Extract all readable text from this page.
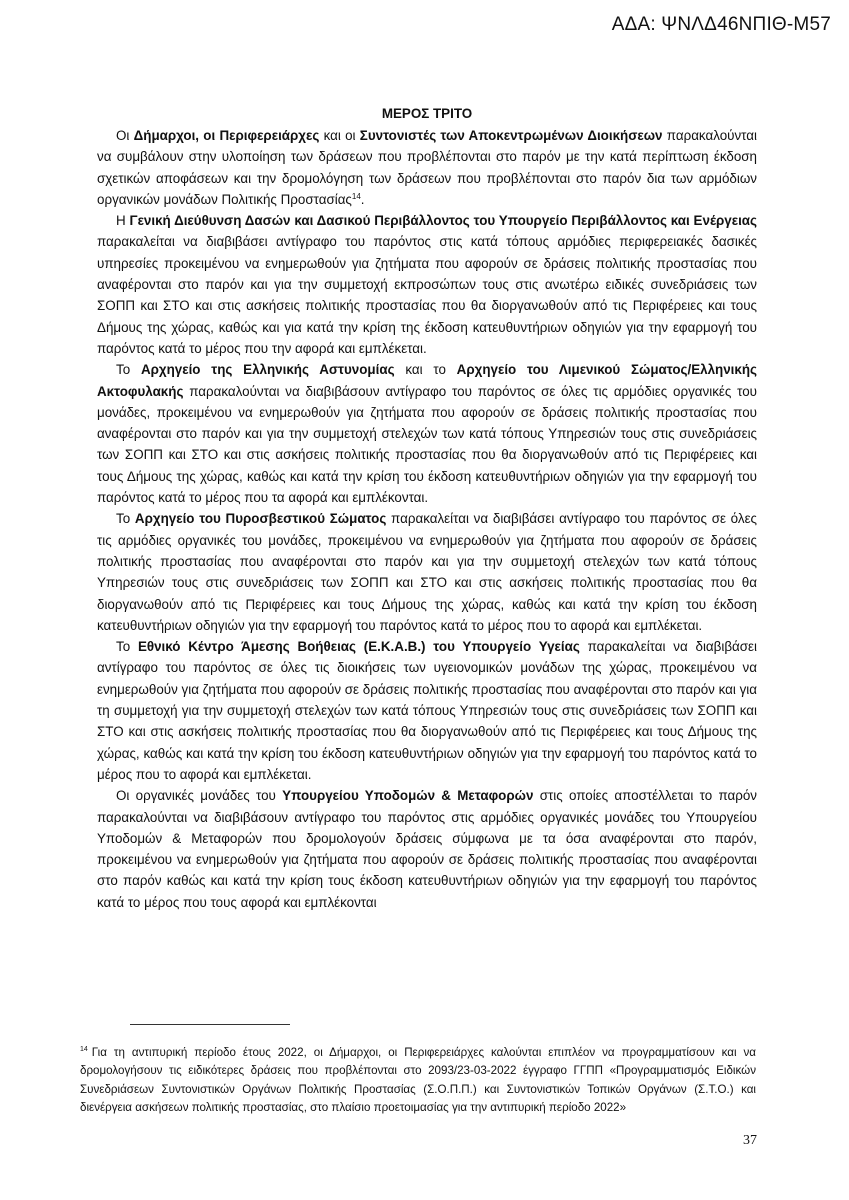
ΑΔΑ: ΨΝΛΔ46ΝΠΙΘ-Μ57

ΜΕΡΟΣ ΤΡΙΤΟ

Οι Δήμαρχοι, οι Περιφερειάρχες και οι Συντονιστές των Αποκεντρωμένων Διοικήσεων παρακαλούνται να συμβάλουν στην υλοποίηση των δράσεων που προβλέπονται στο παρόν με την κατά περίπτωση έκδοση σχετικών αποφάσεων και την δρομολόγηση των δράσεων που προβλέπονται στο παρόν δια των αρμόδιων οργανικών μονάδων Πολιτικής Προστασίας$^{14}$.

Η Γενική Διεύθυνση Δασών και Δασικού Περιβάλλοντος του Υπουργείο Περιβάλλοντος και Ενέργειας παρακαλείται να διαβιβάσει αντίγραφο του παρόντος στις κατά τόπους αρμόδιες περιφερειακές δασικές υπηρεσίες προκειμένου να ενημερωθούν για ζητήματα που αφορούν σε δράσεις πολιτικής προστασίας που αναφέρονται στο παρόν και για την συμμετοχή εκπροσώπων τους στις ανωτέρω ειδικές συνεδριάσεις των ΣΟΠΠ και ΣΤΟ και στις ασκήσεις πολιτικής προστασίας που θα διοργανωθούν από τις Περιφέρειες και τους Δήμους της χώρας, καθώς και για κατά την κρίση της έκδοση κατευθυντήριων οδηγιών για την εφαρμογή του παρόντος κατά το μέρος που την αφορά και εμπλέκεται.

Το Αρχηγείο της Ελληνικής Αστυνομίας και το Αρχηγείο του Λιμενικού Σώματος/Ελληνικής Ακτοφυλακής παρακαλούνται να διαβιβάσουν αντίγραφο του παρόντος σε όλες τις αρμόδιες οργανικές του μονάδες, προκειμένου να ενημερωθούν για ζητήματα που αφορούν σε δράσεις πολιτικής προστασίας που αναφέρονται στο παρόν και για την συμμετοχή στελεχών των κατά τόπους Υπηρεσιών τους στις συνεδριάσεις των ΣΟΠΠ και ΣΤΟ και στις ασκήσεις πολιτικής προστασίας που θα διοργανωθούν από τις Περιφέρειες και τους Δήμους της χώρας, καθώς και κατά την κρίση του έκδοση κατευθυντήριων οδηγιών για την εφαρμογή του παρόντος κατά το μέρος που τα αφορά και εμπλέκονται.

Το Αρχηγείο του Πυροσβεστικού Σώματος παρακαλείται να διαβιβάσει αντίγραφο του παρόντος σε όλες τις αρμόδιες οργανικές του μονάδες, προκειμένου να ενημερωθούν για ζητήματα που αφορούν σε δράσεις πολιτικής προστασίας που αναφέρονται στο παρόν και για την συμμετοχή στελεχών των κατά τόπους Υπηρεσιών τους στις συνεδριάσεις των ΣΟΠΠ και ΣΤΟ και στις ασκήσεις πολιτικής προστασίας που θα διοργανωθούν από τις Περιφέρειες και τους Δήμους της χώρας, καθώς και κατά την κρίση του έκδοση κατευθυντήριων οδηγιών για την εφαρμογή του παρόντος κατά το μέρος που το αφορά και εμπλέκεται.

Το Εθνικό Κέντρο Άμεσης Βοήθειας (Ε.Κ.Α.Β.) του Υπουργείο Υγείας παρακαλείται να διαβιβάσει αντίγραφο του παρόντος σε όλες τις διοικήσεις των υγειονομικών μονάδων της χώρας, προκειμένου να ενημερωθούν για ζητήματα που αφορούν σε δράσεις πολιτικής προστασίας που αναφέρονται στο παρόν και για τη συμμετοχή για την συμμετοχή στελεχών των κατά τόπους Υπηρεσιών τους στις συνεδριάσεις των ΣΟΠΠ και ΣΤΟ και στις ασκήσεις πολιτικής προστασίας που θα διοργανωθούν από τις Περιφέρειες και τους Δήμους της χώρας, καθώς και κατά την κρίση του έκδοση κατευθυντήριων οδηγιών για την εφαρμογή του παρόντος κατά το μέρος που το αφορά και εμπλέκεται.

Οι οργανικές μονάδες του Υπουργείου Υποδομών & Μεταφορών στις οποίες αποστέλλεται το παρόν παρακαλούνται να διαβιβάσουν αντίγραφο του παρόντος στις αρμόδιες οργανικές μονάδες του Υπουργείου Υποδομών & Μεταφορών που δρομολογούν δράσεις σύμφωνα με τα όσα αναφέρονται στο παρόν, προκειμένου να ενημερωθούν για ζητήματα που αφορούν σε δράσεις πολιτικής προστασίας που αναφέρονται στο παρόν καθώς και κατά την κρίση τους έκδοση κατευθυντήριων οδηγιών για την εφαρμογή του παρόντος κατά το μέρος που τους αφορά και εμπλέκονται

$^{14}$ Για τη αντιπυρική περίοδο έτους 2022, οι Δήμαρχοι, οι Περιφερειάρχες καλούνται επιπλέον να προγραμματίσουν και να δρομολογήσουν τις ειδικότερες δράσεις που προβλέπονται στο 2093/23-03-2022 έγγραφο ΓΓΠΠ «Προγραμματισμός Ειδικών Συνεδριάσεων Συντονιστικών Οργάνων Πολιτικής Προστασίας (Σ.Ο.Π.Π.) και Συντονιστικών Τοπικών Οργάνων (Σ.Τ.Ο.) και διενέργεια ασκήσεων πολιτικής προστασίας, στο πλαίσιο προετοιμασίας για την αντιπυρική περίοδο 2022»

37
